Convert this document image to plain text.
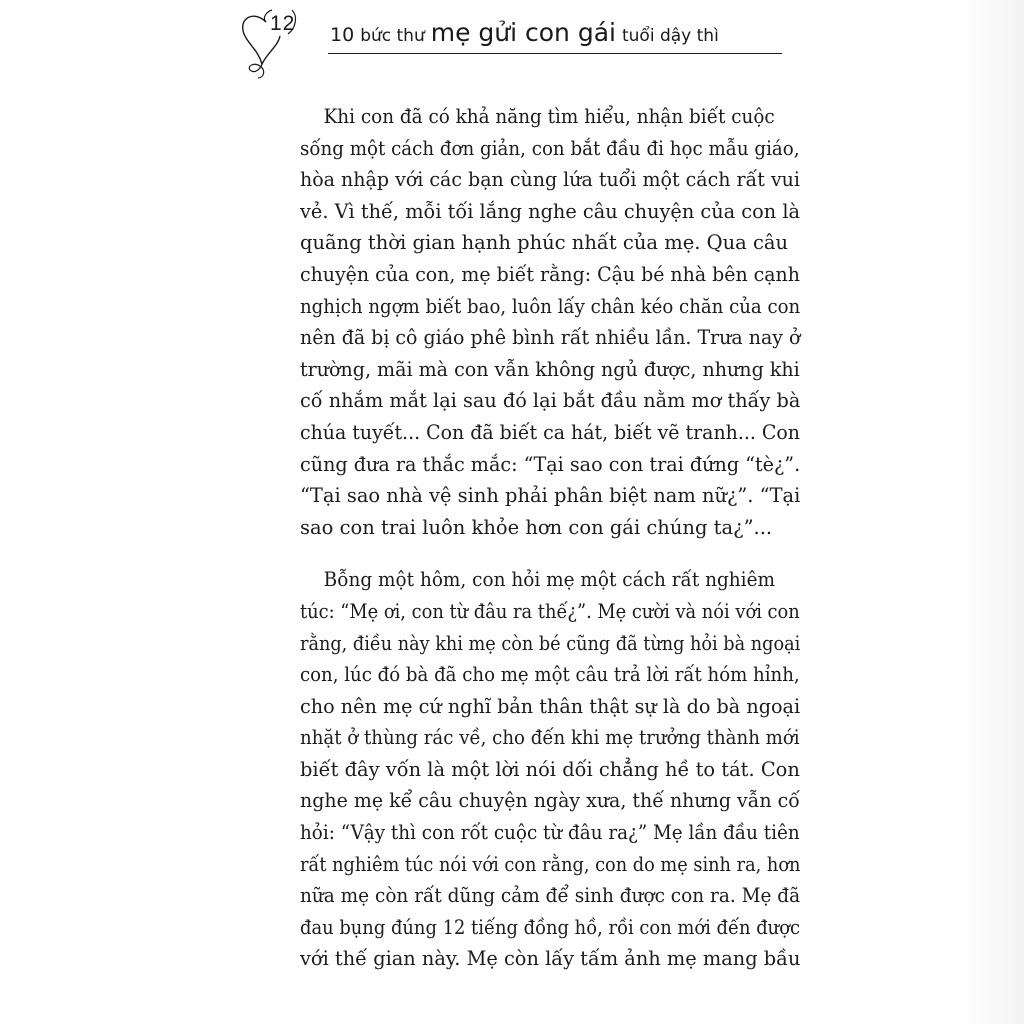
12 10 bức thư mẹ gửi con gái tuổi dậy thì

Khi con đã có khả năng tìm hiểu, nhận biết cuộc

sống một cách đơn giản, con bắt đầu đi học mẫu giáo,

hòa nhập với các bạn cùng lứa tuổi một cách rất vui

vẻ. Vì thế, mỗi tối lắng nghe câu chuyện của con là

quãng thời gian hạnh phúc nhất của mẹ. Qua câu

chuyện của con, mẹ biết rằng: Cậu bé nhà bên cạnh

nghịch ngợm biết bao, luôn lấy chân kéo chăn của con

nên đã bị cô giáo phê bình rất nhiều lần. Trưa nay ở

trường, mãi mà con vẫn không ngủ được, nhưng khi

cố nhắm mắt lại sau đó lại bắt đầu nằm mơ thấy bà

chúa tuyết... Con đã biết ca hát, biết vẽ tranh... Con

cũng đưa ra thắc mắc: “Tại sao con trai đứng “tè¿”.

“Tại sao nhà vệ sinh phải phân biệt nam nữ¿”. “Tại

sao con trai luôn khỏe hơn con gái chúng ta¿”...

Bỗng một hôm, con hỏi mẹ một cách rất nghiêm

túc: “Mẹ ơi, con từ đâu ra thế¿”. Mẹ cười và nói với con

rằng, điều này khi mẹ còn bé cũng đã từng hỏi bà ngoại

con, lúc đó bà đã cho mẹ một câu trả lời rất hóm hỉnh,

cho nên mẹ cứ nghĩ bản thân thật sự là do bà ngoại

nhặt ở thùng rác về, cho đến khi mẹ trưởng thành mới

biết đây vốn là một lời nói dối chẳng hề to tát. Con

nghe mẹ kể câu chuyện ngày xưa, thế nhưng vẫn cố

hỏi: “Vậy thì con rốt cuộc từ đâu ra¿” Mẹ lần đầu tiên

rất nghiêm túc nói với con rằng, con do mẹ sinh ra, hơn

nữa mẹ còn rất dũng cảm để sinh được con ra. Mẹ đã

đau bụng đúng 12 tiếng đồng hồ, rồi con mới đến được

với thế gian này. Mẹ còn lấy tấm ảnh mẹ mang bầu
